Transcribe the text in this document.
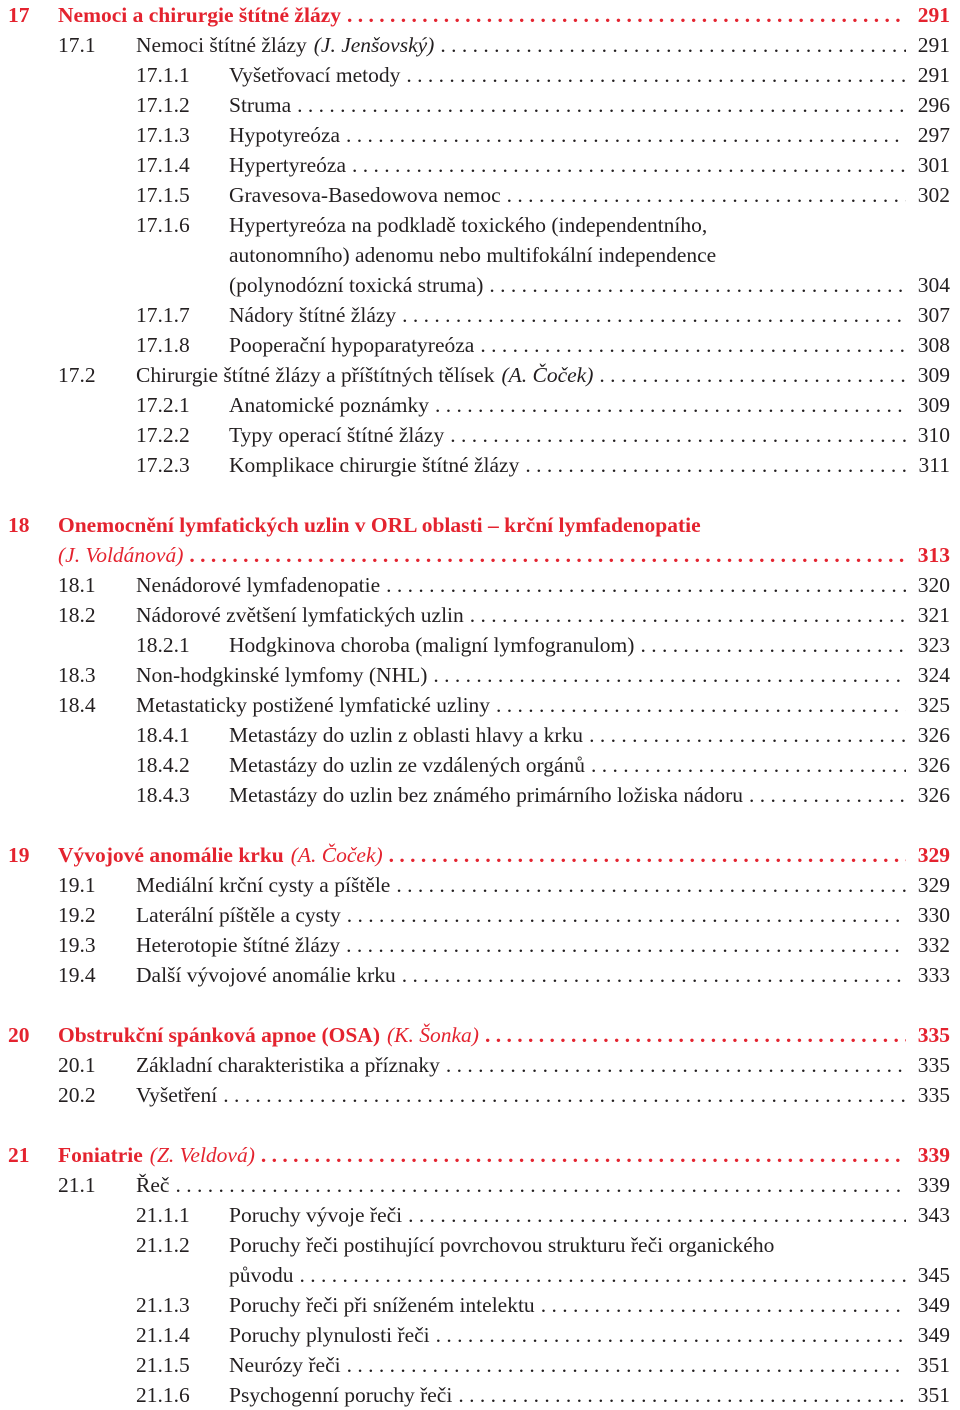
17 Nemoci a chirurgie štítné žlázy . . .	291
17.1 Nemoci štítné žlázy (J. Jenšovský) . . .	291
17.1.1 Vyšetřovací metody . . .	291
17.1.2 Struma . . .	296
17.1.3 Hypotyreóza . . .	297
17.1.4 Hypertyreóza . . .	301
17.1.5 Gravesova-Basedowova nemoc . . .	302
17.1.6 Hypertyreóza na podkladě toxického (independentního,
autonomního) adenomu nebo multifokální independence
(polynodózní toxická struma) . . .	304
17.1.7 Nádory štítné žlázy . . .	307
17.1.8 Pooperační hypoparatyreóza . . .	308
17.2 Chirurgie štítné žlázy a příštítných tělísek (A. Čoček) . . .	309
17.2.1 Anatomické poznámky . . .	309
17.2.2 Typy operací štítné žlázy . . .	310
17.2.3 Komplikace chirurgie štítné žlázy . . .	311
18 Onemocnění lymfatických uzlin v ORL oblasti – krční lymfadenopatie
(J. Voldánová) . . .	313
18.1 Nenádorové lymfadenopatie . . .	320
18.2 Nádorové zvětšení lymfatických uzlin . . .	321
18.2.1 Hodgkinova choroba (maligní lymfogranulom) . . .	323
18.3 Non-hodgkinské lymfomy (NHL) . . .	324
18.4 Metastaticky postižené lymfatické uzliny . . .	325
18.4.1 Metastázy do uzlin z oblasti hlavy a krku . . .	326
18.4.2 Metastázy do uzlin ze vzdálených orgánů . . .	326
18.4.3 Metastázy do uzlin bez známého primárního ložiska nádoru . . .	326
19 Vývojové anomálie krku (A. Čoček) . . .	329
19.1 Mediální krční cysty a píštěle . . .	329
19.2 Laterální píštěle a cysty . . .	330
19.3 Heterotopie štítné žlázy . . .	332
19.4 Další vývojové anomálie krku . . .	333
20 Obstrukční spánková apnoe (OSA) (K. Šonka) . . .	335
20.1 Základní charakteristika a příznaky . . .	335
20.2 Vyšetření . . .	335
21 Foniatrie (Z. Veldová) . . .	339
21.1 Řeč . . .	339
21.1.1 Poruchy vývoje řeči . . .	343
21.1.2 Poruchy řeči postihující povrchovou strukturu řeči organického
původu . . .	345
21.1.3 Poruchy řeči při sníženém intelektu . . .	349
21.1.4 Poruchy plynulosti řeči . . .	349
21.1.5 Neurózy řeči . . .	351
21.1.6 Psychogenní poruchy řeči . . .	351
